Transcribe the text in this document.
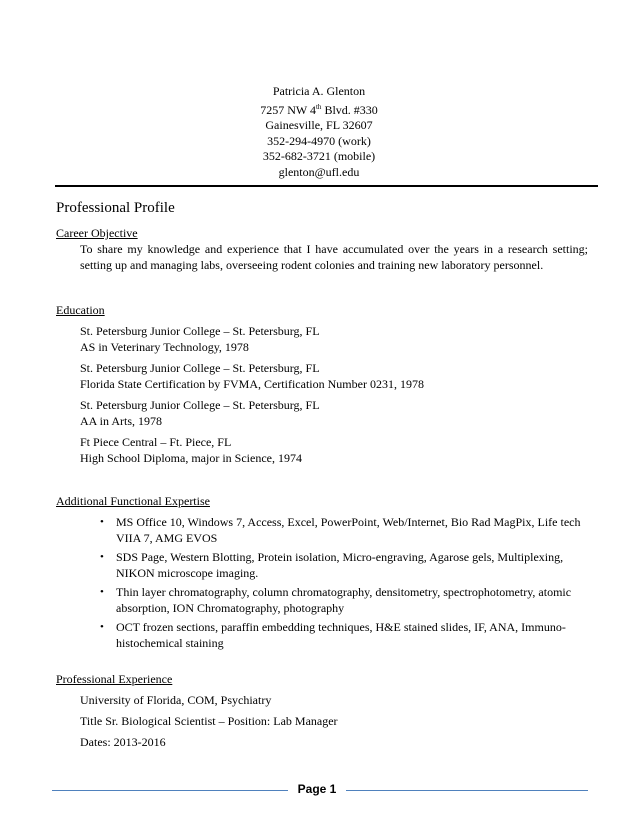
Patricia A. Glenton
7257 NW 4th Blvd. #330
Gainesville, FL 32607
352-294-4970 (work)
352-682-3721 (mobile)
glenton@ufl.edu
Professional Profile

Career Objective

To share my knowledge and experience that I have accumulated over the years in a research setting; setting up and managing labs, overseeing rodent colonies and training new laboratory personnel.

Education

St. Petersburg Junior College – St. Petersburg, FL
AS in Veterinary Technology, 1978
St. Petersburg Junior College – St. Petersburg, FL
Florida State Certification by FVMA, Certification Number 0231, 1978
St. Petersburg Junior College – St. Petersburg, FL
AA in Arts, 1978
Ft Piece Central – Ft. Piece, FL
High School Diploma, major in Science, 1974

Additional Functional Expertise

• MS Office 10, Windows 7, Access, Excel, PowerPoint, Web/Internet, Bio Rad MagPix, Life tech VIIA 7, AMG EVOS
• SDS Page, Western Blotting, Protein isolation, Micro-engraving, Agarose gels, Multiplexing, NIKON microscope imaging.
• Thin layer chromatography, column chromatography, densitometry, spectrophotometry, atomic absorption, ION Chromatography, photography
• OCT frozen sections, paraffin embedding techniques, H&E stained slides, IF, ANA, Immuno-histochemical staining

Professional Experience

University of Florida, COM, Psychiatry
Title Sr. Biological Scientist – Position: Lab Manager
Dates: 2013-2016
Page 1
